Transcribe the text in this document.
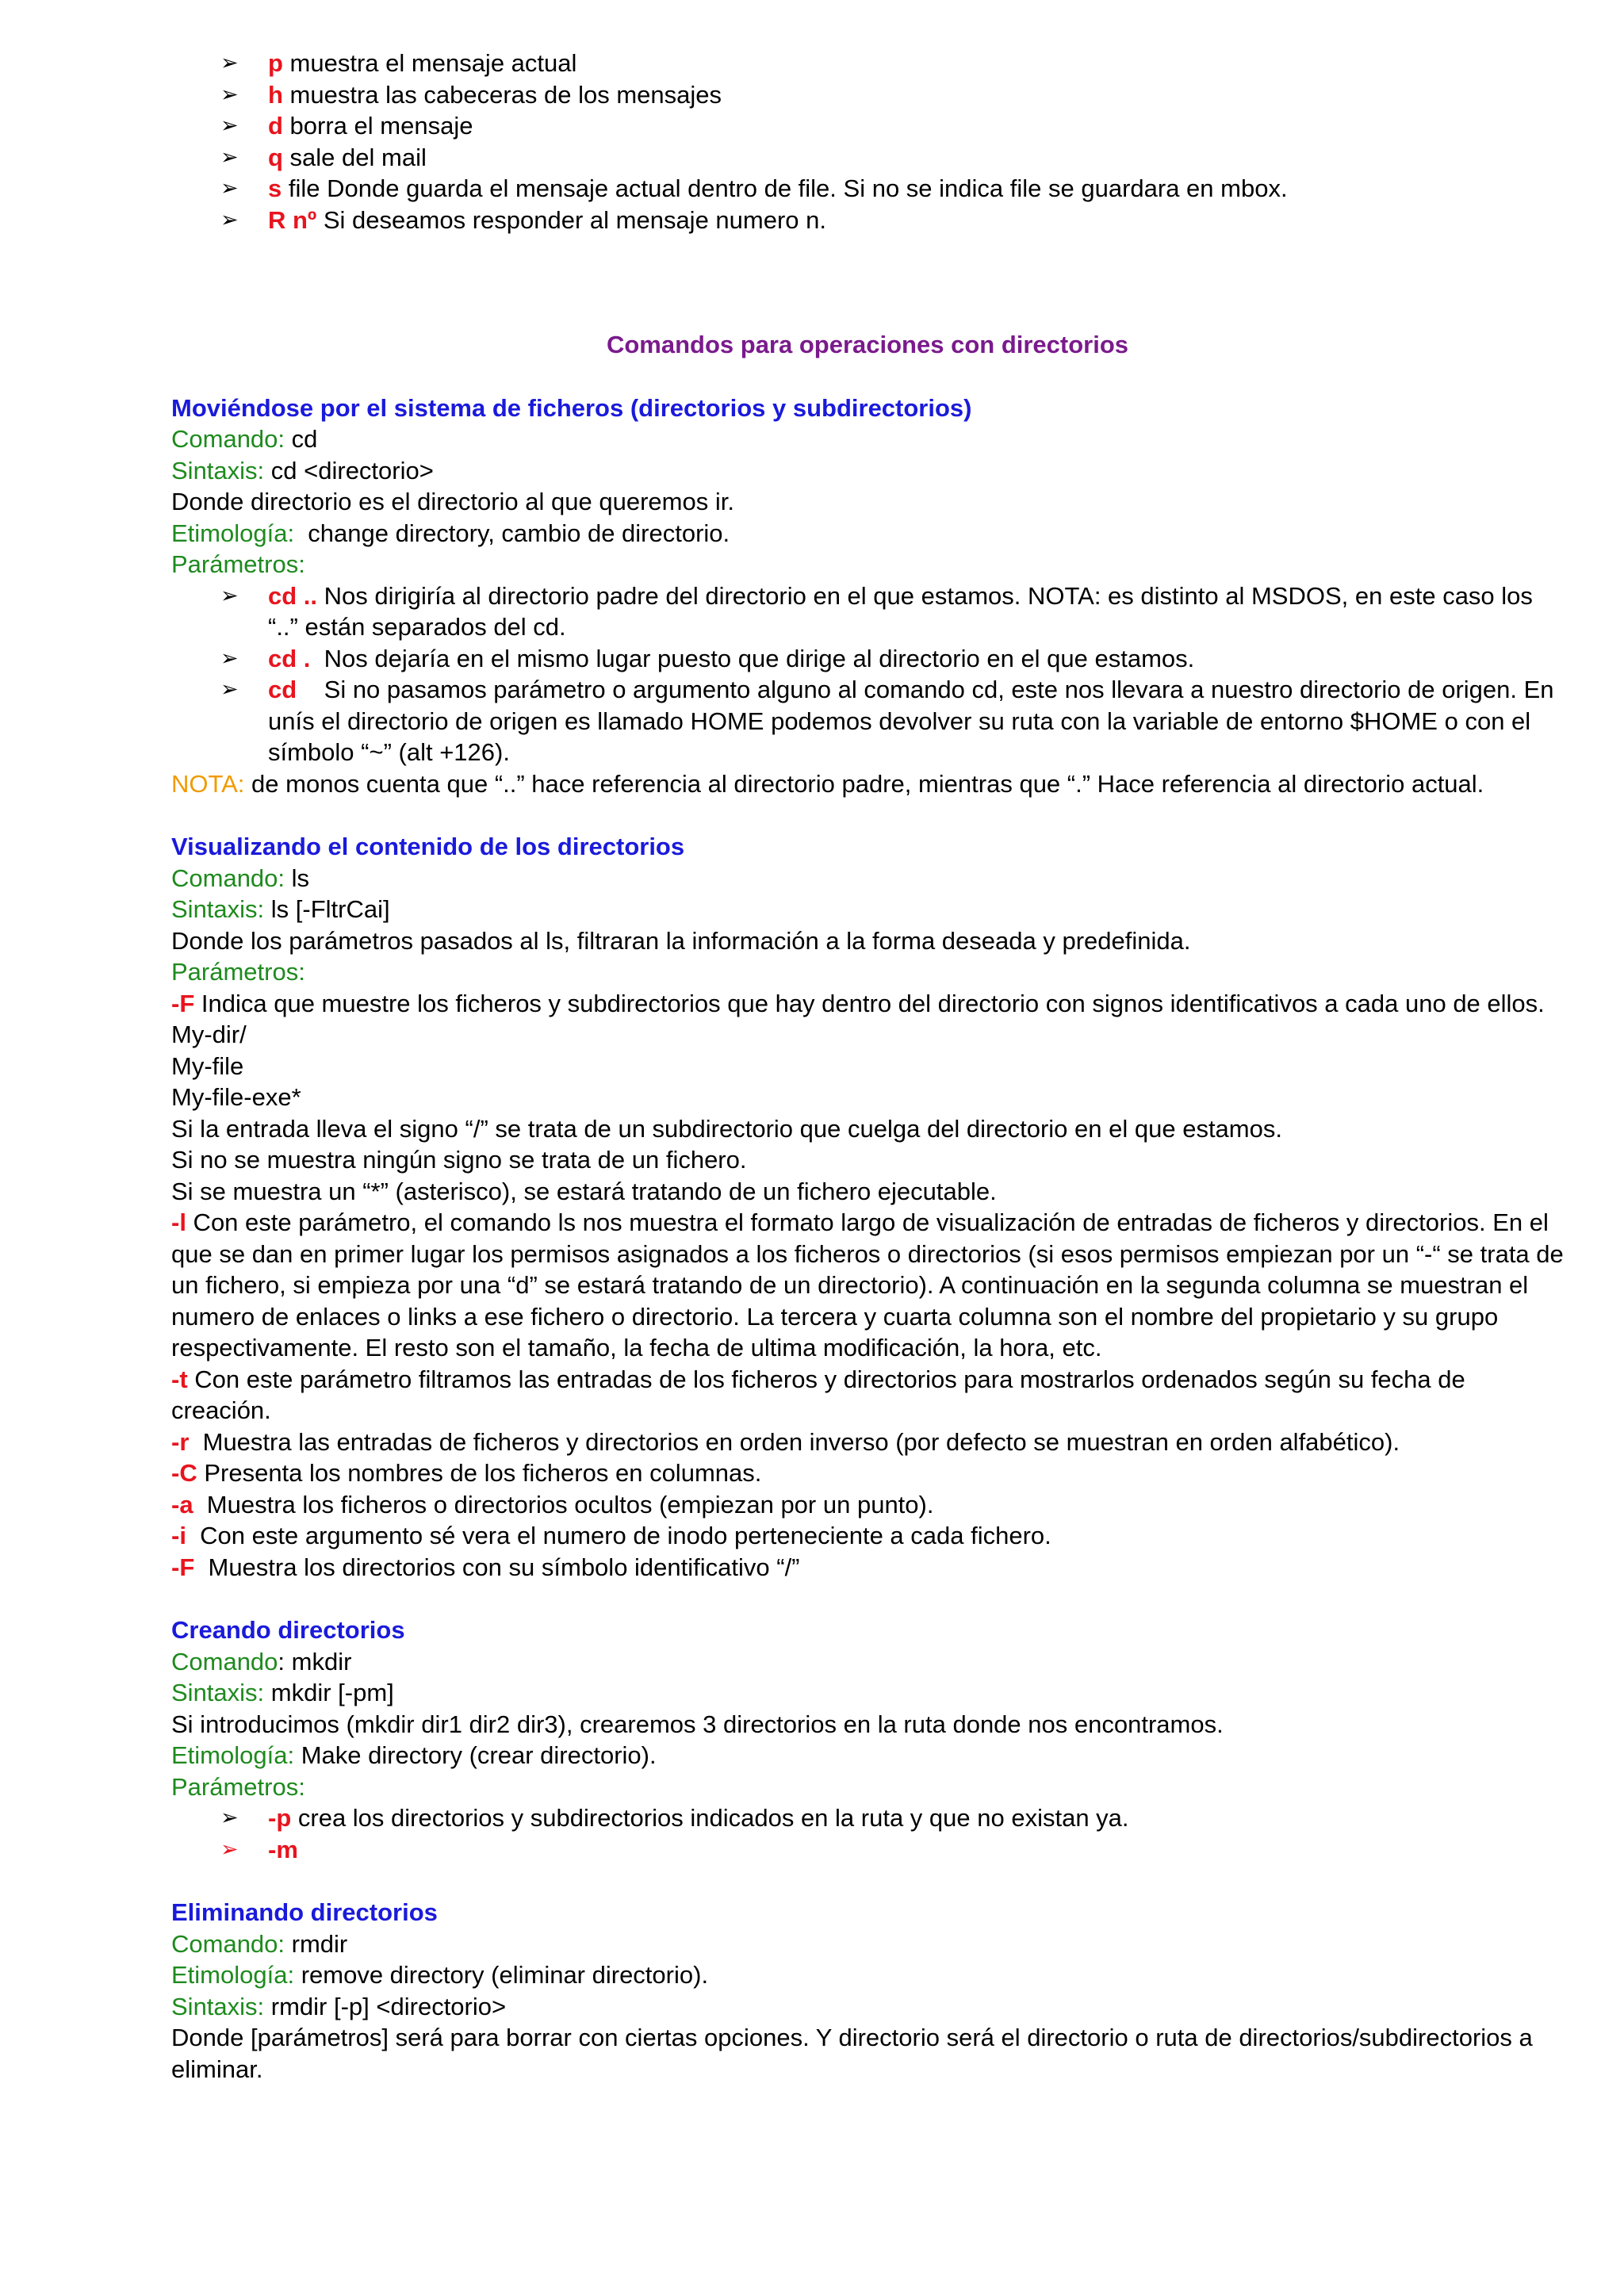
➢	p muestra el mensaje actual
➢	h muestra las cabeceras de los mensajes
➢	d borra el mensaje
➢	q sale del mail
➢	s file Donde guarda el mensaje actual dentro de file. Si no se indica file se guardara en mbox.
➢	R nº Si deseamos responder al mensaje numero n.

Comandos para operaciones con directorios

Moviéndose por el sistema de ficheros (directorios y subdirectorios)

Comando: cd

Sintaxis: cd <directorio>

Donde directorio es el directorio al que queremos ir.

Etimología:  change directory, cambio de directorio.

Parámetros:

➢	cd .. Nos dirigiría al directorio padre del directorio en el que estamos. NOTA: es distinto al MSDOS, en este caso los “..” están separados del cd.
➢	cd .  Nos dejaría en el mismo lugar puesto que dirige al directorio en el que estamos.
➢	cd    Si no pasamos parámetro o argumento alguno al comando cd, este nos llevara a nuestro directorio de origen. En unís el directorio de origen es llamado HOME podemos devolver su ruta con la variable de entorno $HOME o con el símbolo “~” (alt +126).

NOTA: de monos cuenta que “..” hace referencia al directorio padre, mientras que “.” Hace referencia al directorio actual.

Visualizando el contenido de los directorios

Comando: ls

Sintaxis: ls [-FltrCai]

Donde los parámetros pasados al ls, filtraran la información a la forma deseada y predefinida.

Parámetros:

-F Indica que muestre los ficheros y subdirectorios que hay dentro del directorio con signos identificativos a cada uno de ellos.

My-dir/

My-file

My-file-exe*

Si la entrada lleva el signo “/” se trata de un subdirectorio que cuelga del directorio en el que estamos.

Si no se muestra ningún signo se trata de un fichero.

Si se muestra un “*” (asterisco), se estará tratando de un fichero ejecutable.

-l Con este parámetro, el comando ls nos muestra el formato largo de visualización de entradas de ficheros y directorios. En el que se dan en primer lugar los permisos asignados a los ficheros o directorios (si esos permisos empiezan por un “-“ se trata de un fichero, si empieza por una “d” se estará tratando de un directorio). A continuación en la segunda columna se muestran el numero de enlaces o links a ese fichero o directorio. La tercera y cuarta columna son el nombre del propietario y su grupo respectivamente. El resto son el tamaño, la fecha de ultima modificación, la hora, etc.

-t Con este parámetro filtramos las entradas de los ficheros y directorios para mostrarlos ordenados según su fecha de creación.

-r  Muestra las entradas de ficheros y directorios en orden inverso (por defecto se muestran en orden alfabético).

-C Presenta los nombres de los ficheros en columnas.

-a  Muestra los ficheros o directorios ocultos (empiezan por un punto).

-i  Con este argumento sé vera el numero de inodo perteneciente a cada fichero.

-F  Muestra los directorios con su símbolo identificativo “/”

Creando directorios

Comando: mkdir

Sintaxis: mkdir [-pm]

Si introducimos (mkdir dir1 dir2 dir3), crearemos 3 directorios en la ruta donde nos encontramos.

Etimología: Make directory (crear directorio).

Parámetros:

➢	-p crea los directorios y subdirectorios indicados en la ruta y que no existan ya.
➢	-m

Eliminando directorios

Comando: rmdir

Etimología: remove directory (eliminar directorio).

Sintaxis: rmdir [-p] <directorio>

Donde [parámetros] será para borrar con ciertas opciones. Y directorio será el directorio o ruta de directorios/subdirectorios a eliminar.
